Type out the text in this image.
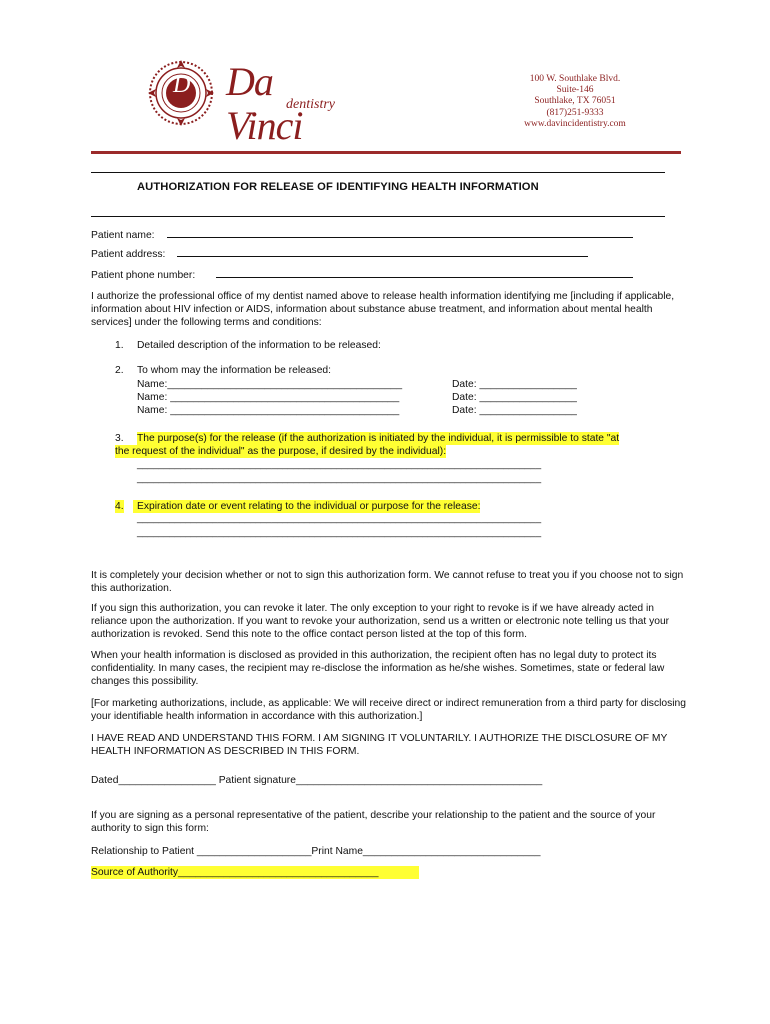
D Da Vinci
dentistry
100 W. Southlake Blvd.
Suite-146
Southlake, TX 76051
(817)251-9333
www.davincidentistry.com
AUTHORIZATION FOR RELEASE OF IDENTIFYING HEALTH INFORMATION
Patient name:
Patient address:
Patient phone number:
I authorize the professional office of my dentist named above to release health information identifying me [including if applicable, information about HIV infection or AIDS, information about substance abuse treatment, and information about mental health services] under the following terms and conditions:
1. Detailed description of the information to be released:
2. To whom may the information be released:
Name:_________________________________________	Date: _________________
Name: ________________________________________	Date: _________________
Name: ________________________________________	Date: _________________
3. The purpose(s) for the release (if the authorization is initiated by the individual, it is permissible to state "at
the request of the individual" as the purpose, if desired by the individual):
___________________________________________________________________________
___________________________________________________________________________
4.	Expiration date or event relating to the individual or purpose for the release:
___________________________________________________________________________
___________________________________________________________________________
It is completely your decision whether or not to sign this authorization form. We cannot refuse to treat you if you choose not to sign this authorization.
If you sign this authorization, you can revoke it later. The only exception to your right to revoke is if we have already acted in reliance upon the authorization. If you want to revoke your authorization, send us a written or electronic note telling us that your authorization is revoked. Send this note to the office contact person listed at the top of this form.
When your health information is disclosed as provided in this authorization, the recipient often has no legal duty to protect its confidentiality. In many cases, the recipient may re-disclose the information as he/she wishes. Sometimes, state or federal law changes this possibility.
[For marketing authorizations, include, as applicable: We will receive direct or indirect remuneration from a third party for disclosing your identifiable health information in accordance with this authorization.]
I HAVE READ AND UNDERSTAND THIS FORM. I AM SIGNING IT VOLUNTARILY. I AUTHORIZE THE DISCLOSURE OF MY HEALTH INFORMATION AS DESCRIBED IN THIS FORM.
Dated_________________ Patient signature___________________________________________
If you are signing as a personal representative of the patient, describe your relationship to the patient and the source of your authority to sign this form:
Relationship to Patient ____________________Print Name_______________________________
Source of Authority___________________________________
